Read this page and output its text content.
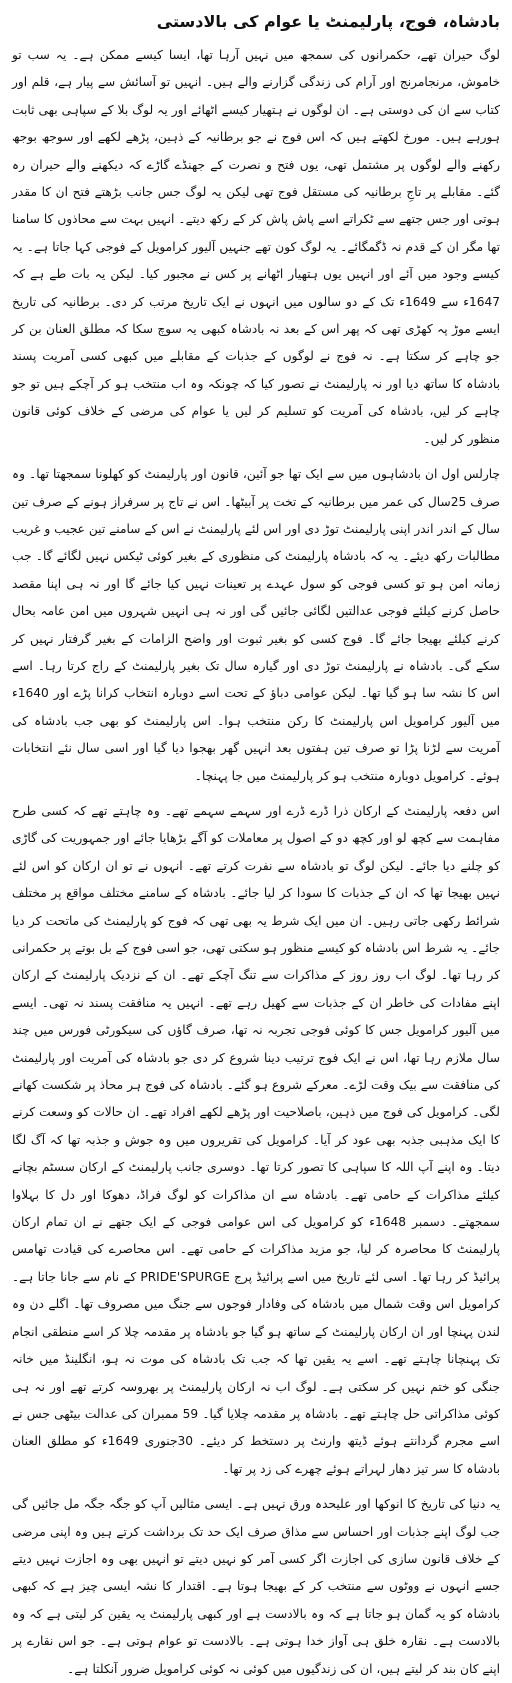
بادشاہ، فوج، پارلیمنٹ یا عوام کی بالادستی

لوگ حیران تھے، حکمرانوں کی سمجھ میں نہیں آرہا تھا، ایسا کیسے ممکن ہے۔ یہ سب تو خاموش، مرنجامرنج اور آرام کی زندگی گزارنے والے ہیں۔ انہیں تو آسائش سے پیار ہے، قلم اور کتاب سے ان کی دوستی ہے۔ ان لوگوں نے ہتھیار کیسے اٹھائے اور یہ لوگ بلا کے سپاہی بھی ثابت ہورہے ہیں۔ مورخ لکھتے ہیں کہ اس فوج نے جو برطانیہ کے ذہین، پڑھے لکھے اور سوجھ بوجھ رکھنے والے لوگوں پر مشتمل تھی، یوں فتح و نصرت کے جھنڈے گاڑے کہ دیکھنے والے حیران رہ گئے۔ مقابلے پر تاجِ برطانیہ کی مستقل فوج تھی لیکن یہ لوگ جس جانب بڑھتے فتح ان کا مقدر ہوتی اور جس جتھے سے ٹکراتے اسے پاش پاش کر کے رکھ دیتے۔ انہیں بہت سے محاذوں کا سامنا تھا مگر ان کے قدم نہ ڈگمگائے۔ یہ لوگ کون تھے جنہیں آلیور کرامویل کے فوجی کہا جاتا ہے۔ یہ کیسے وجود میں آئے اور انہیں یوں ہتھیار اٹھانے پر کس نے مجبور کیا۔ لیکن یہ بات طے ہے کہ 1647ء سے 1649ء تک کے دو سالوں میں انہوں نے ایک تاریخ مرتب کر دی۔ برطانیہ کی تاریخ ایسے موڑ پہ کھڑی تھی کہ پھر اس کے بعد نہ بادشاہ کبھی یہ سوچ سکا کہ مطلق العنان بن کر جو چاہے کر سکتا ہے۔ نہ فوج نے لوگوں کے جذبات کے مقابلے میں کبھی کسی آمریت پسند بادشاہ کا ساتھ دیا اور نہ پارلیمنٹ نے تصور کیا کہ چونکہ وہ اب منتخب ہو کر آچکے ہیں تو جو چاہے کر لیں، بادشاہ کی آمریت کو تسلیم کر لیں یا عوام کی مرضی کے خلاف کوئی قانون منظور کر لیں۔

چارلس اول ان بادشاہوں میں سے ایک تھا جو آئین، قانون اور پارلیمنٹ کو کھلونا سمجھتا تھا۔ وہ صرف 25سال کی عمر میں برطانیہ کے تخت پر آبیٹھا۔ اس نے تاج پر سرفراز ہونے کے صرف تین سال کے اندر اندر اپنی پارلیمنٹ توڑ دی اور اس لئے پارلیمنٹ نے اس کے سامنے تین عجیب و غریب مطالبات رکھ دیئے۔ یہ کہ بادشاہ پارلیمنٹ کی منظوری کے بغیر کوئی ٹیکس نہیں لگائے گا۔ جب زمانہ امن ہو تو کسی فوجی کو سول عہدے پر تعینات نہیں کیا جائے گا اور نہ ہی اپنا مقصد حاصل کرنے کیلئے فوجی عدالتیں لگائی جائیں گی اور نہ ہی انہیں شہروں میں امن عامہ بحال کرنے کیلئے بھیجا جائے گا۔ فوج کسی کو بغیر ثبوت اور واضح الزامات کے بغیر گرفتار نہیں کر سکے گی۔ بادشاہ نے پارلیمنٹ توڑ دی اور گیارہ سال تک بغیر پارلیمنٹ کے راج کرتا رہا۔ اسے اس کا نشہ سا ہو گیا تھا۔ لیکن عوامی دباؤ کے تحت اسے دوبارہ انتخاب کرانا پڑے اور 1640ء میں آلیور کرامویل اس پارلیمنٹ کا رکن منتخب ہوا۔ اس پارلیمنٹ کو بھی جب بادشاہ کی آمریت سے لڑنا پڑا تو صرف تین ہفتوں بعد انہیں گھر بھجوا دیا گیا اور اسی سال نئے انتخابات ہوئے۔ کرامویل دوبارہ منتخب ہو کر پارلیمنٹ میں جا پہنچا۔

اس دفعہ پارلیمنٹ کے ارکان ذرا ڈرے ڈرے اور سہمے سہمے تھے۔ وہ چاہتے تھے کہ کسی طرح مفاہمت سے کچھ لو اور کچھ دو کے اصول پر معاملات کو آگے بڑھایا جائے اور جمہوریت کی گاڑی کو چلنے دیا جائے۔ لیکن لوگ تو بادشاہ سے نفرت کرتے تھے۔ انہوں نے تو ان ارکان کو اس لئے نہیں بھیجا تھا کہ ان کے جذبات کا سودا کر لیا جائے۔ بادشاہ کے سامنے مختلف مواقع پر مختلف شرائط رکھی جاتی رہیں۔ ان میں ایک شرط یہ بھی تھی کہ فوج کو پارلیمنٹ کی ماتحت کر دیا جائے۔ یہ شرط اس بادشاہ کو کیسے منظور ہو سکتی تھی، جو اسی فوج کے بل بوتے پر حکمرانی کر رہا تھا۔ لوگ اب روز روز کے مذاکرات سے تنگ آچکے تھے۔ ان کے نزدیک پارلیمنٹ کے ارکان اپنے مفادات کی خاطر ان کے جذبات سے کھیل رہے تھے۔ انہیں یہ منافقت پسند نہ تھی۔ ایسے میں آلیور کرامویل جس کا کوئی فوجی تجربہ نہ تھا، صرف گاؤں کی سیکورٹی فورس میں چند سال ملازم رہا تھا، اس نے ایک فوج ترتیب دینا شروع کر دی جو بادشاہ کی آمریت اور پارلیمنٹ کی منافقت سے بیک وقت لڑے۔ معرکے شروع ہو گئے۔ بادشاہ کی فوج ہر محاذ پر شکست کھانے لگی۔ کرامویل کی فوج میں ذہین، باصلاحیت اور پڑھے لکھے افراد تھے۔ ان حالات کو وسعت کرنے کا ایک مذہبی جذبہ بھی عود کر آیا۔ کرامویل کی تقریروں میں وہ جوش و جذبہ تھا کہ آگ لگا دیتا۔ وہ اپنے آپ اللہ کا سپاہی کا تصور کرتا تھا۔ دوسری جانب پارلیمنٹ کے ارکان سسٹم بچانے کیلئے مذاکرات کے حامی تھے۔ بادشاہ سے ان مذاکرات کو لوگ فراڈ، دھوکا اور دل کا بہلاوا سمجھتے۔ دسمبر 1648ء کو کرامویل کی اس عوامی فوجی کے ایک جتھے نے ان تمام ارکان پارلیمنٹ کا محاصرہ کر لیا، جو مزید مذاکرات کے حامی تھے۔ اس محاصرے کی قیادت تھامس پرائیڈ کر رہا تھا۔ اسی لئے تاریخ میں اسے پرائیڈ پرج PRIDE'SPURGE کے نام سے جانا جاتا ہے۔ کرامویل اس وقت شمال میں بادشاہ کی وفادار فوجوں سے جنگ میں مصروف تھا۔ اگلے دن وہ لندن پہنچا اور ان ارکان پارلیمنٹ کے ساتھ ہو گیا جو بادشاہ پر مقدمہ چلا کر اسے منطقی انجام تک پہنچانا چاہتے تھے۔ اسے یہ یقین تھا کہ جب تک بادشاہ کی موت نہ ہو، انگلینڈ میں خانہ جنگی کو ختم نہیں کر سکتی ہے۔ لوگ اب نہ ارکان پارلیمنٹ پر بھروسہ کرتے تھے اور نہ ہی کوئی مذاکراتی حل چاہتے تھے۔ بادشاہ پر مقدمہ چلایا گیا۔ 59 ممبران کی عدالت بیٹھی جس نے اسے مجرم گردانتے ہوئے ڈیتھ وارنٹ پر دستخط کر دیئے۔ 30جنوری 1649ء کو مطلق العنان بادشاہ کا سر تیز دھار لہراتے ہوئے چھرے کی زد پر تھا۔

یہ دنیا کی تاریخ کا انوکھا اور علیحدہ ورق نہیں ہے۔ ایسی مثالیں آپ کو جگہ جگہ مل جائیں گی جب لوگ اپنے جذبات اور احساس سے مذاق صرف ایک حد تک برداشت کرتے ہیں وہ اپنی مرضی کے خلاف قانون سازی کی اجازت اگر کسی آمر کو نہیں دیتے تو انہیں بھی وہ اجازت نہیں دیتے جسے انہوں نے ووٹوں سے منتخب کر کے بھیجا ہوتا ہے۔ اقتدار کا نشہ ایسی چیز ہے کہ کبھی بادشاہ کو یہ گمان ہو جاتا ہے کہ وہ بالادست ہے اور کبھی پارلیمنٹ یہ یقین کر لیتی ہے کہ وہ بالادست ہے۔ نقارہ خلق ہی آواز خدا ہوتی ہے۔ بالادست تو عوام ہوتی ہے۔ جو اس نقارے پر اپنے کان بند کر لیتے ہیں، ان کی زندگیوں میں کوئی نہ کوئی کرامویل ضرور آنکلتا ہے۔
